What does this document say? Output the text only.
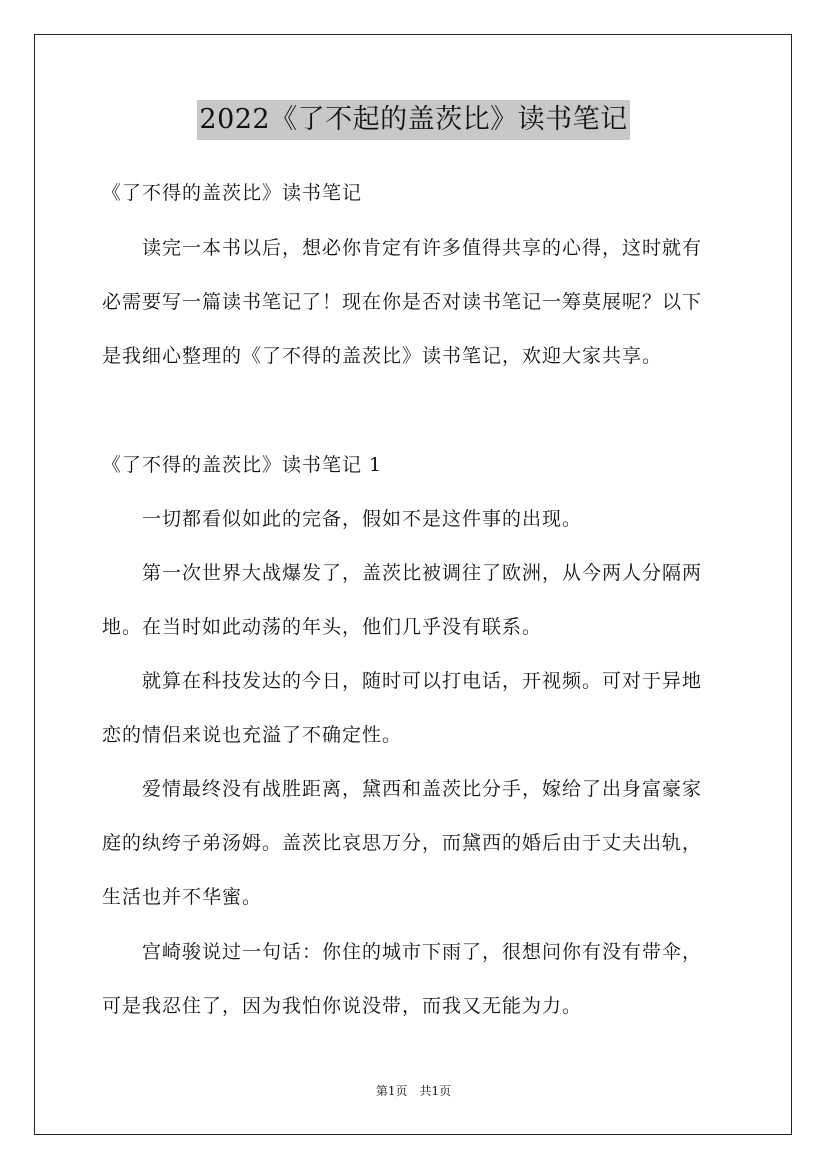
2022《了不起的盖茨比》读书笔记
《了不得的盖茨比》读书笔记
　　读完一本书以后，想必你肯定有许多值得共享的心得，这时就有
必需要写一篇读书笔记了！现在你是否对读书笔记一筹莫展呢？以下
是我细心整理的《了不得的盖茨比》读书笔记，欢迎大家共享。
《了不得的盖茨比》读书笔记 1
　　一切都看似如此的完备，假如不是这件事的出现。
　　第一次世界大战爆发了，盖茨比被调往了欧洲，从今两人分隔两
地。在当时如此动荡的年头，他们几乎没有联系。
　　就算在科技发达的今日，随时可以打电话，开视频。可对于异地
恋的情侣来说也充溢了不确定性。
　　爱情最终没有战胜距离，黛西和盖茨比分手，嫁给了出身富豪家
庭的纨绔子弟汤姆。盖茨比哀思万分，而黛西的婚后由于丈夫出轨，
生活也并不华蜜。
　　宫崎骏说过一句话：你住的城市下雨了，很想问你有没有带伞，
可是我忍住了，因为我怕你说没带，而我又无能为力。
第1页　共1页
